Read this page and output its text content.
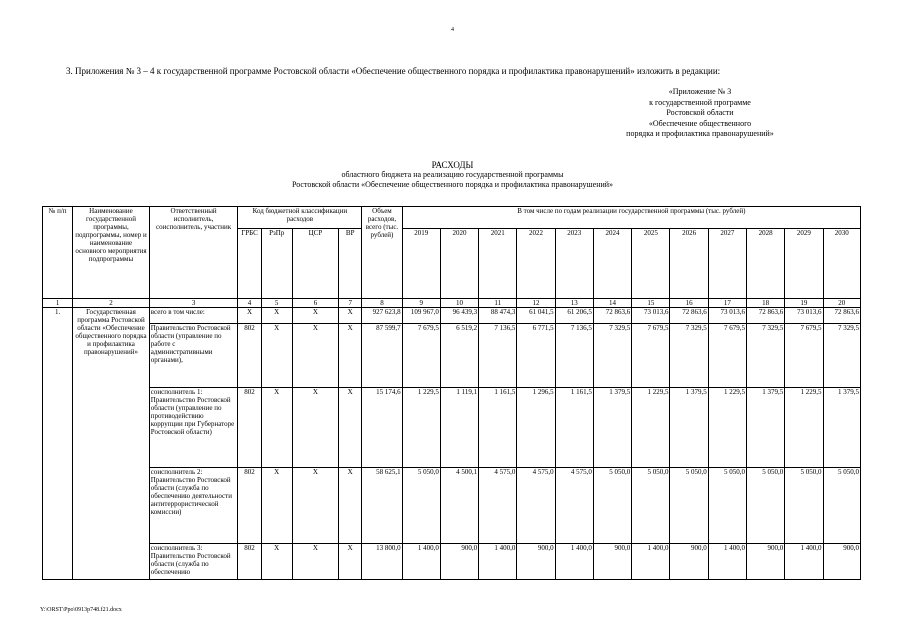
4
3. Приложения № 3 – 4 к государственной программе Ростовской области «Обеспечение общественного порядка и профилактика правонарушений» изложить в редакции:
«Приложение № 3
к государственной программе
Ростовской области
«Обеспечение общественного
порядка и профилактика правонарушений»
РАСХОДЫ
областного бюджета на реализацию государственной программы
Ростовской области «Обеспечение общественного порядка и профилактика правонарушений»
№ п/п	Наименование государственной программы, подпрограммы, номер и наименование основного мероприятия подпрограммы	Ответственный исполнитель, соисполнитель, участник	Код бюджетной классификации расходов				Объем расходов, всего (тыс. рублей)	В том числе по годам реализации государственной программы (тыс. рублей)											
			ГРБС	РзПр	ЦСР	ВР		2019	2020	2021	2022	2023	2024	2025	2026	2027	2028	2029	2030
1	2	3	4	5	6	7	8	9	10	11	12	13	14	15	16	17	18	19	20
1.	Государственная программа Ростовской области «Обеспечение общественного порядка и профилактика правонарушений»	всего в том числе:	X	X	X	X	927 623,8	109 967,0	96 439,3	88 474,3	61 041,5	61 206,5	72 863,6	73 013,6	72 863,6	73 013,6	72 863,6	73 013,6	72 863,6
		Правительство Ростовской области (управление по работе с административными органами),	802	X	X	X	87 599,7	7 679,5	6 519,2	7 136,5	6 771,5	7 136,5	7 329,5	7 679,5	7 329,5	7 679,5	7 329,5	7 679,5	7 329,5
		соисполнитель 1: Правительство Ростовской области (управление по противодействию коррупции при Губернаторе Ростовской области)	802	X	X	X	15 174,6	1 229,5	1 119,1	1 161,5	1 296,5	1 161,5	1 379,5	1 229,5	1 379,5	1 229,5	1 379,5	1 229,5	1 379,5
		соисполнитель 2: Правительство Ростовской области (служба по обеспечению деятельности антитеррористической комиссии)	802	X	X	X	58 625,1	5 050,0	4 500,1	4 575,0	4 575,0	4 575,0	5 050,0	5 050,0	5 050,0	5 050,0	5 050,0	5 050,0	5 050,0
		соисполнитель 3: Правительство Ростовской области (служба по обеспечению	802	X	X	X	13 800,0	1 400,0	900,0	1 400,0	900,0	1 400,0	900,0	1 400,0	900,0	1 400,0	900,0	1 400,0	900,0
Y:\ORST\Ppo\0913p748.f21.docx
